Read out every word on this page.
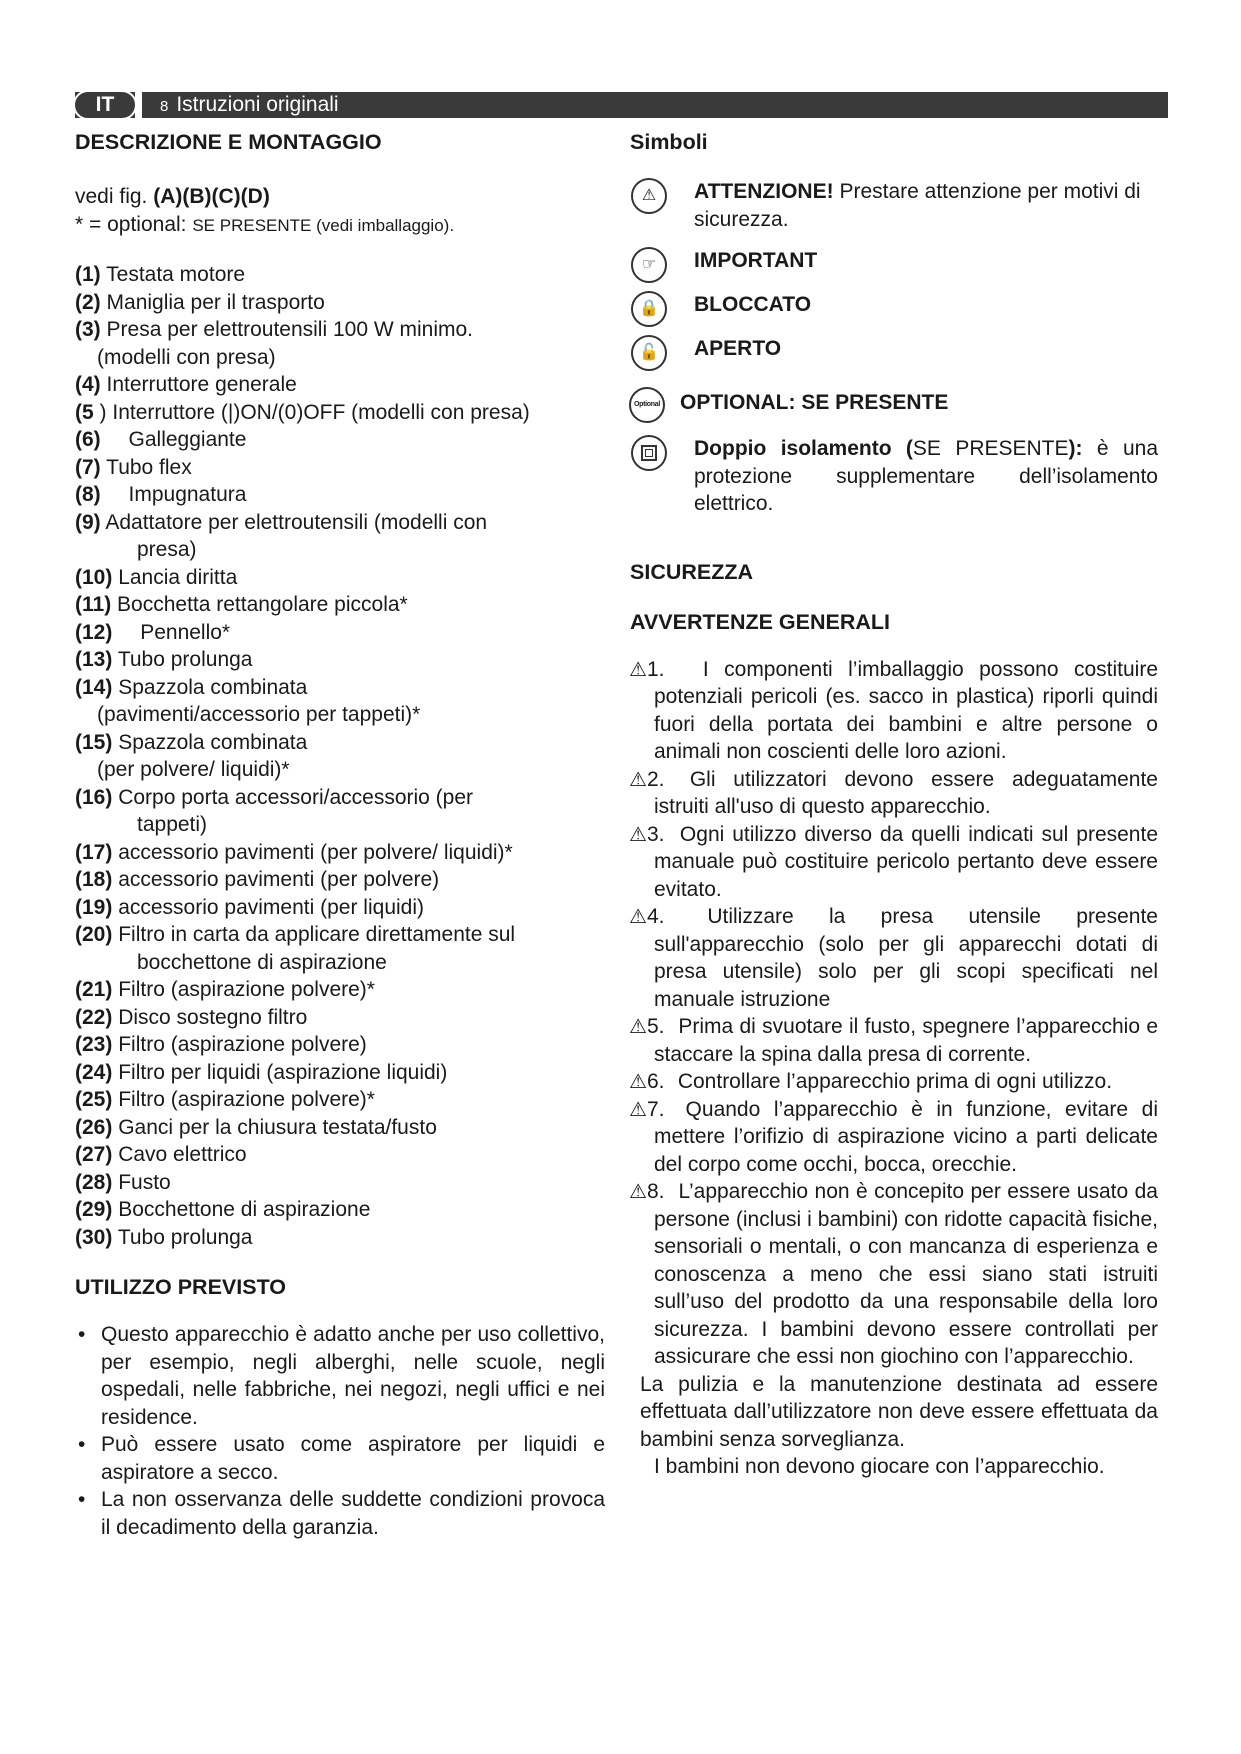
IT	8 Istruzioni originali
DESCRIZIONE E MONTAGGIO
vedi fig. (A)(B)(C)(D)
* = optional: SE PRESENTE (vedi imballaggio).
(1) Testata motore
(2) Maniglia per il trasporto
(3) Presa per elettroutensili 100 W minimo.
(modelli con presa)
(4) Interruttore generale
(5 ) Interruttore (|)ON/(0)OFF (modelli con presa)
(6) Galleggiante
(7) Tubo flex
(8) Impugnatura
(9) Adattatore per elettroutensili (modelli con
presa)
(10) Lancia diritta
(11) Bocchetta rettangolare piccola*
(12) Pennello*
(13) Tubo prolunga
(14) Spazzola combinata
(pavimenti/accessorio per tappeti)*
(15) Spazzola combinata
(per polvere/ liquidi)*
(16) Corpo porta accessori/accessorio (per
tappeti)
(17) accessorio pavimenti (per polvere/ liquidi)*
(18) accessorio pavimenti (per polvere)
(19) accessorio pavimenti (per liquidi)
(20) Filtro in carta da applicare direttamente sul
bocchettone di aspirazione
(21) Filtro (aspirazione polvere)*
(22) Disco sostegno filtro
(23) Filtro (aspirazione polvere)
(24) Filtro per liquidi (aspirazione liquidi)
(25) Filtro (aspirazione polvere)*
(26) Ganci per la chiusura testata/fusto
(27) Cavo elettrico
(28) Fusto
(29) Bocchettone di aspirazione
(30) Tubo prolunga
UTILIZZO PREVISTO
• Questo apparecchio è adatto anche per uso collettivo, per esempio, negli alberghi, nelle scuole, negli ospedali, nelle fabbriche, nei negozi, negli uffici e nei residence.
• Può essere usato come aspiratore per liquidi e aspiratore a secco.
• La non osservanza delle suddette condizioni provoca il decadimento della garanzia.
Simboli
⚠	ATTENZIONE! Prestare attenzione per motivi di sicurezza.
☞	IMPORTANT
🔒	BLOCCATO
🔓	APERTO
Optional OPTIONAL: SE PRESENTE
Doppio isolamento (SE PRESENTE): è una protezione supplementare dell’isolamento elettrico.
SICUREZZA
AVVERTENZE GENERALI
⚠1. I componenti l’imballaggio possono costituire potenziali pericoli (es. sacco in plastica) riporli quindi fuori della portata dei bambini e altre persone o animali non coscienti delle loro azioni.
⚠2. Gli utilizzatori devono essere adeguatamente istruiti all'uso di questo apparecchio.
⚠3. Ogni utilizzo diverso da quelli indicati sul presente manuale può costituire pericolo pertanto deve essere evitato.
⚠4. Utilizzare la presa utensile presente sull'apparecchio (solo per gli apparecchi dotati di presa utensile) solo per gli scopi specificati nel manuale istruzione
⚠5. Prima di svuotare il fusto, spegnere l’apparecchio e staccare la spina dalla presa di corrente.
⚠6. Controllare l’apparecchio prima di ogni utilizzo.
⚠7. Quando l’apparecchio è in funzione, evitare di mettere l’orifizio di aspirazione vicino a parti delicate del corpo come occhi, bocca, orecchie.
⚠8. L’apparecchio non è concepito per essere usato da persone (inclusi i bambini) con ridotte capacità fisiche, sensoriali o mentali, o con mancanza di esperienza e conoscenza a meno che essi siano stati istruiti sull’uso del prodotto da una responsabile della loro sicurezza. I bambini devono essere controllati per assicurare che essi non giochino con l’apparecchio.
La pulizia e la manutenzione destinata ad essere effettuata dall’utilizzatore non deve essere effettuata da bambini senza sorveglianza.
I bambini non devono giocare con l’apparecchio.
